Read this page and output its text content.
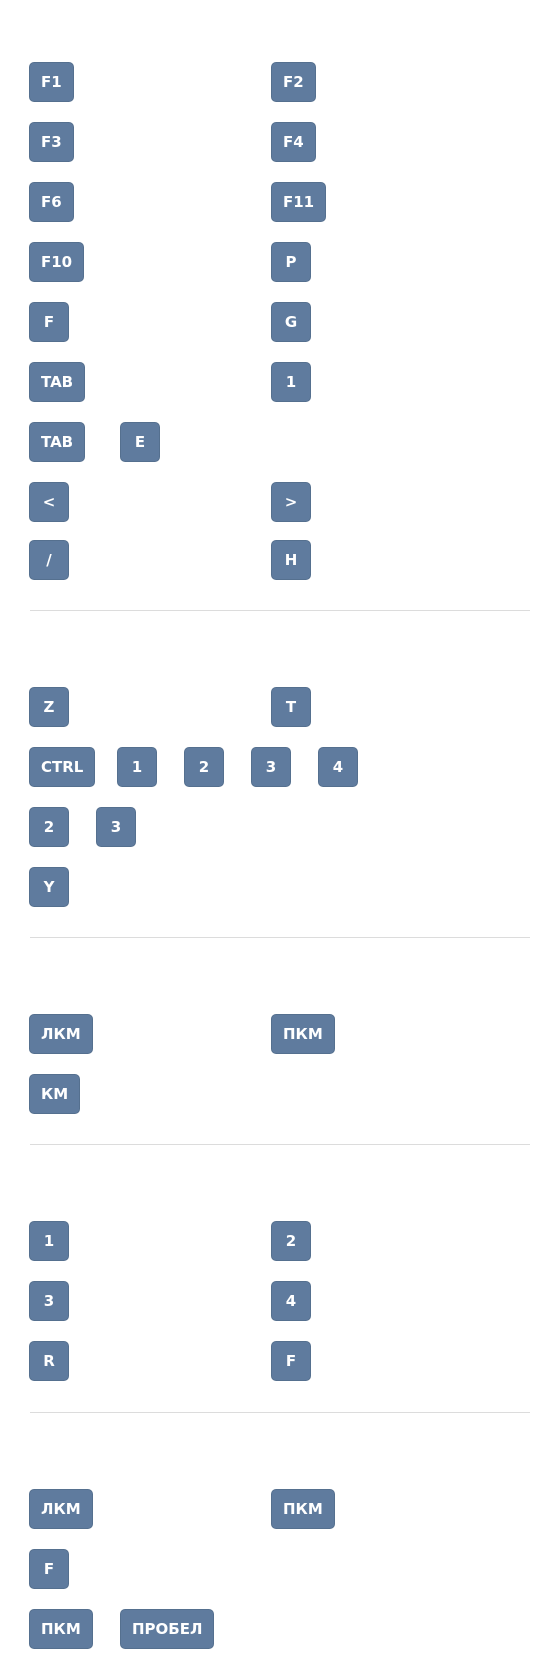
F1	F2
F3	F4
F6	F11
F10	P
F	G
TAB	1
TAB	E
<	>
/	H
Z	T
CTRL	1	2	3	4
2	3
Y
ЛКМ	ПКМ
КМ
1	2
3	4
R	F
ЛКМ	ПКМ
F
ПКМ	ПРОБЕЛ
